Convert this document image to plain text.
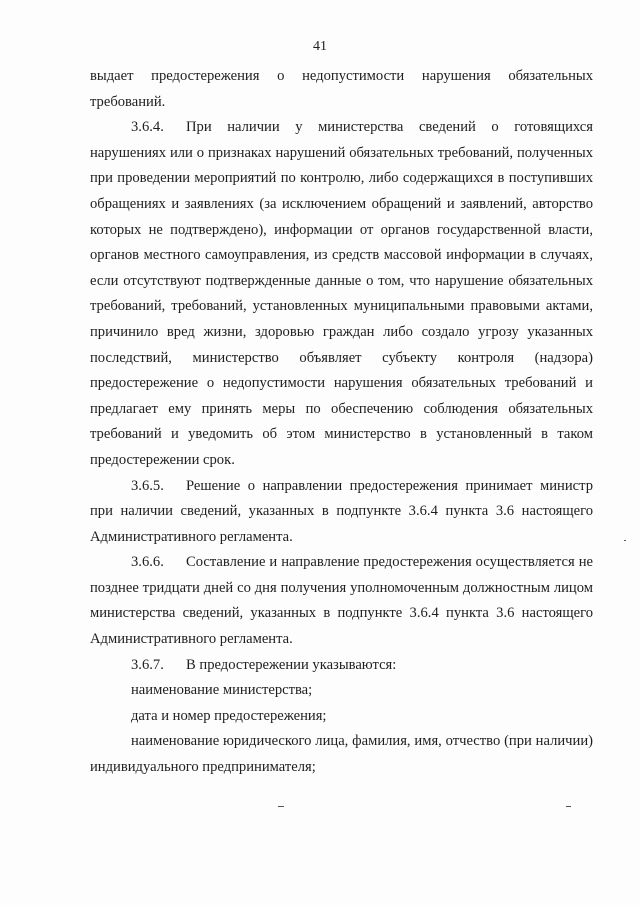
41

выдает предостережения о недопустимости нарушения обязательных требований.

3.6.4. При наличии у министерства сведений о готовящихся нарушениях или о признаках нарушений обязательных требований, полученных при проведении мероприятий по контролю, либо содержащихся в поступивших обращениях и заявлениях (за исключением обращений и заявлений, авторство которых не подтверждено), информации от органов государственной власти, органов местного самоуправления, из средств массовой информации в случаях, если отсутствуют подтвержденные данные о том, что нарушение обязательных требований, требований, установленных муниципальными правовыми актами, причинило вред жизни, здоровью граждан либо создало угрозу указанных последствий, министерство объявляет субъекту контроля (надзора) предостережение о недопустимости нарушения обязательных требований и предлагает ему принять меры по обеспечению соблюдения обязательных требований и уведомить об этом министерство в установленный в таком предостережении срок.

3.6.5. Решение о направлении предостережения принимает министр при наличии сведений, указанных в подпункте 3.6.4 пункта 3.6 настоящего Административного регламента.

3.6.6. Составление и направление предостережения осуществляется не позднее тридцати дней со дня получения уполномоченным должностным лицом министерства сведений, указанных в подпункте 3.6.4 пункта 3.6 настоящего Административного регламента.

3.6.7. В предостережении указываются:

наименование министерства;

дата и номер предостережения;

наименование юридического лица, фамилия, имя, отчество (при наличии) индивидуального предпринимателя;
